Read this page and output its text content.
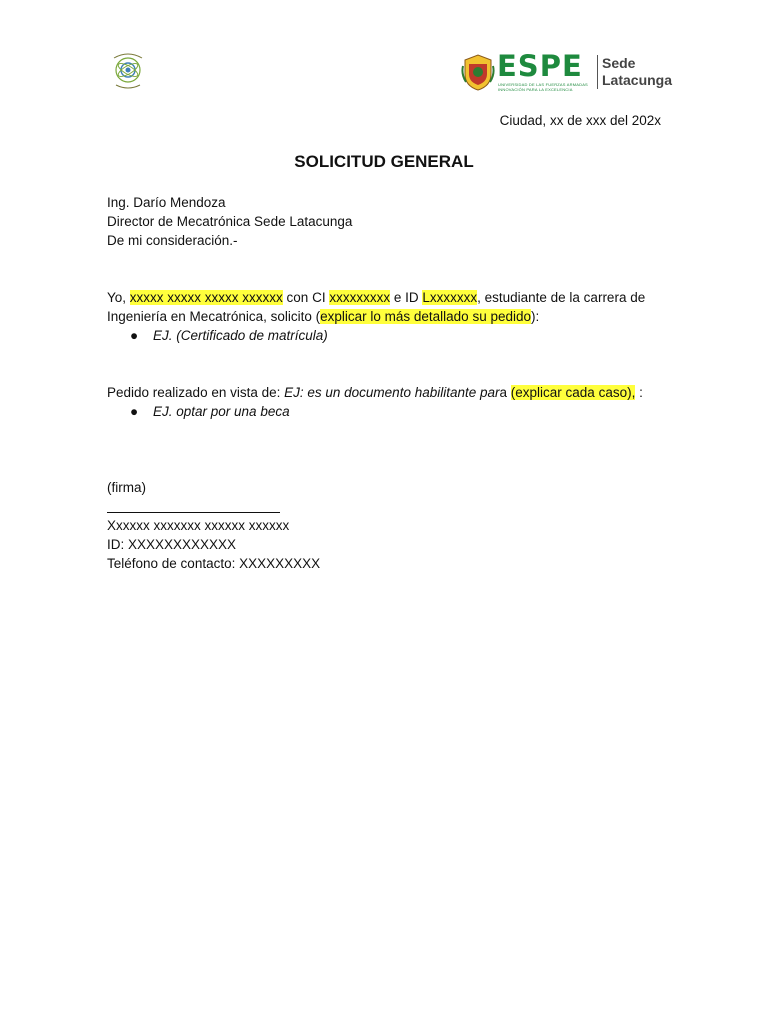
ESPE
UNIVERSIDAD DE LAS FUERZAS ARMADAS
INNOVACIÓN PARA LA EXCELENCIA
Sede
Latacunga
Ciudad, xx de xxx del 202x
SOLICITUD GENERAL
Ing. Darío Mendoza
Director de Mecatrónica Sede Latacunga
De mi consideración.-
Yo, xxxxx xxxxx xxxxx xxxxxx con CI xxxxxxxxx e ID Lxxxxxxx, estudiante de la carrera de
Ingeniería en Mecatrónica, solicito (explicar lo más detallado su pedido):
● EJ. (Certificado de matrícula)
Pedido realizado en vista de: EJ: es un documento habilitante para (explicar cada caso), :
● EJ. optar por una beca
(firma)
Xxxxxx xxxxxxx xxxxxx xxxxxx
ID: XXXXXXXXXXXX
Teléfono de contacto: XXXXXXXXX
